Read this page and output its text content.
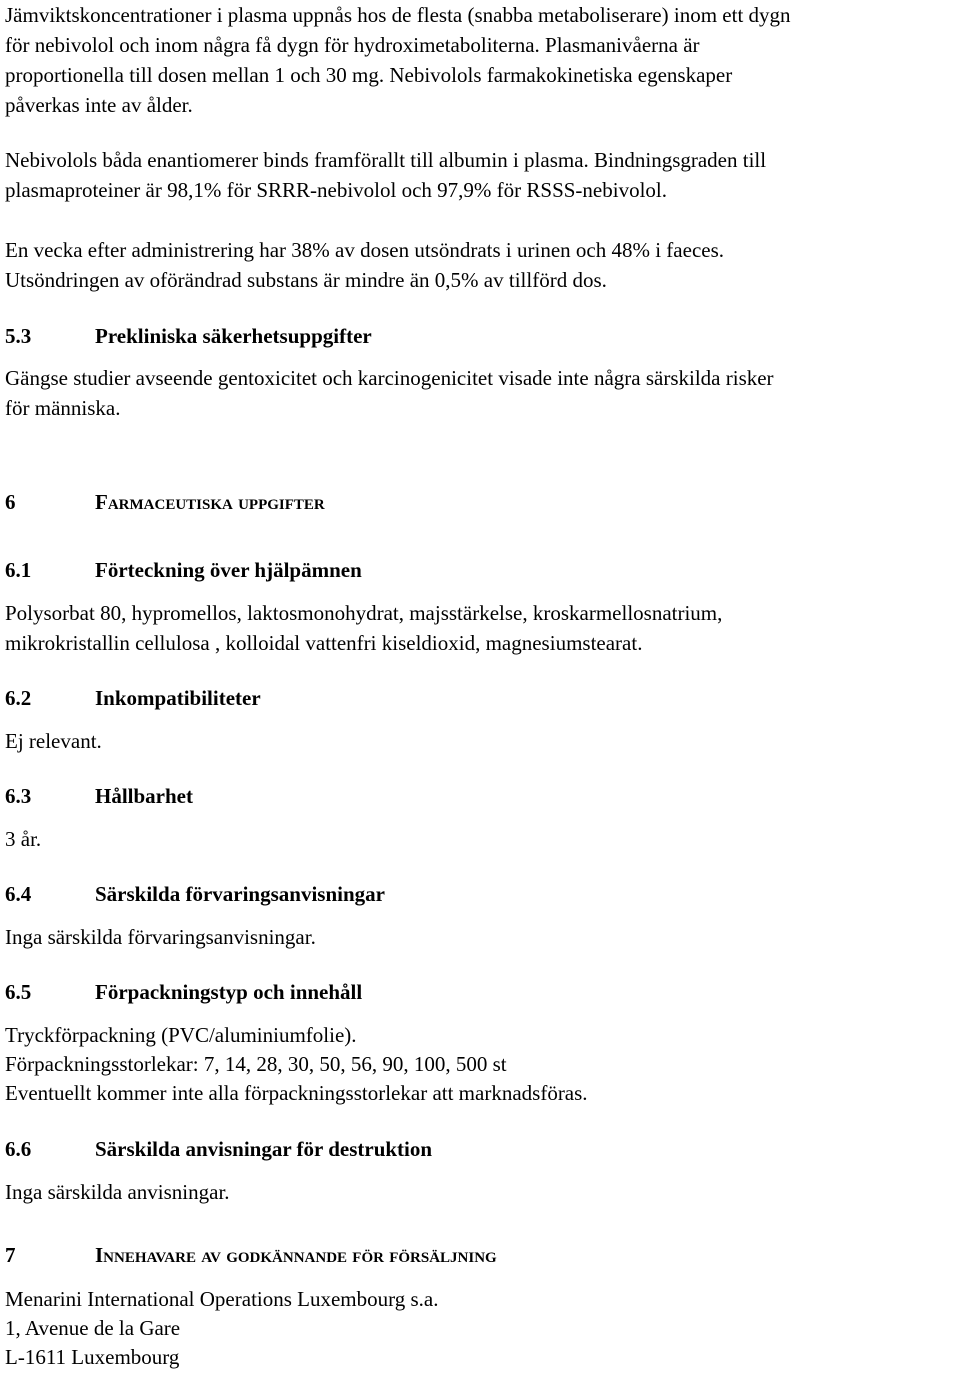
Jämviktskoncentrationer i plasma uppnås hos de flesta (snabba metaboliserare) inom ett dygn
för nebivolol och inom några få dygn för hydroximetaboliterna. Plasmanivåerna är
proportionella till dosen mellan 1 och 30 mg. Nebivolols farmakokinetiska egenskaper
påverkas inte av ålder.
Nebivolols båda enantiomerer binds framförallt till albumin i plasma. Bindningsgraden till
plasmaproteiner är 98,1% för SRRR-nebivolol och 97,9% för RSSS-nebivolol.
En vecka efter administrering har 38% av dosen utsöndrats i urinen och 48% i faeces.
Utsöndringen av oförändrad substans är mindre än 0,5% av tillförd dos.
5.3	Prekliniska säkerhetsuppgifter
Gängse studier avseende gentoxicitet och karcinogenicitet visade inte några särskilda risker
för människa.
6	Farmaceutiska uppgifter
6.1	Förteckning över hjälpämnen
Polysorbat 80, hypromellos, laktosmonohydrat, majsstärkelse, kroskarmellosnatrium,
mikrokristallin cellulosa , kolloidal vattenfri kiseldioxid, magnesiumstearat.
6.2	Inkompatibiliteter
Ej relevant.
6.3	Hållbarhet
3 år.
6.4	Särskilda förvaringsanvisningar
Inga särskilda förvaringsanvisningar.
6.5	Förpackningstyp och innehåll
Tryckförpackning (PVC/aluminiumfolie).
Förpackningsstorlekar: 7, 14, 28, 30, 50, 56, 90, 100, 500 st
Eventuellt kommer inte alla förpackningsstorlekar att marknadsföras.
6.6	Särskilda anvisningar för destruktion
Inga särskilda anvisningar.
7	Innehavare av godkännande för försäljning
Menarini International Operations Luxembourg s.a.
1, Avenue de la Gare
L-1611 Luxembourg
